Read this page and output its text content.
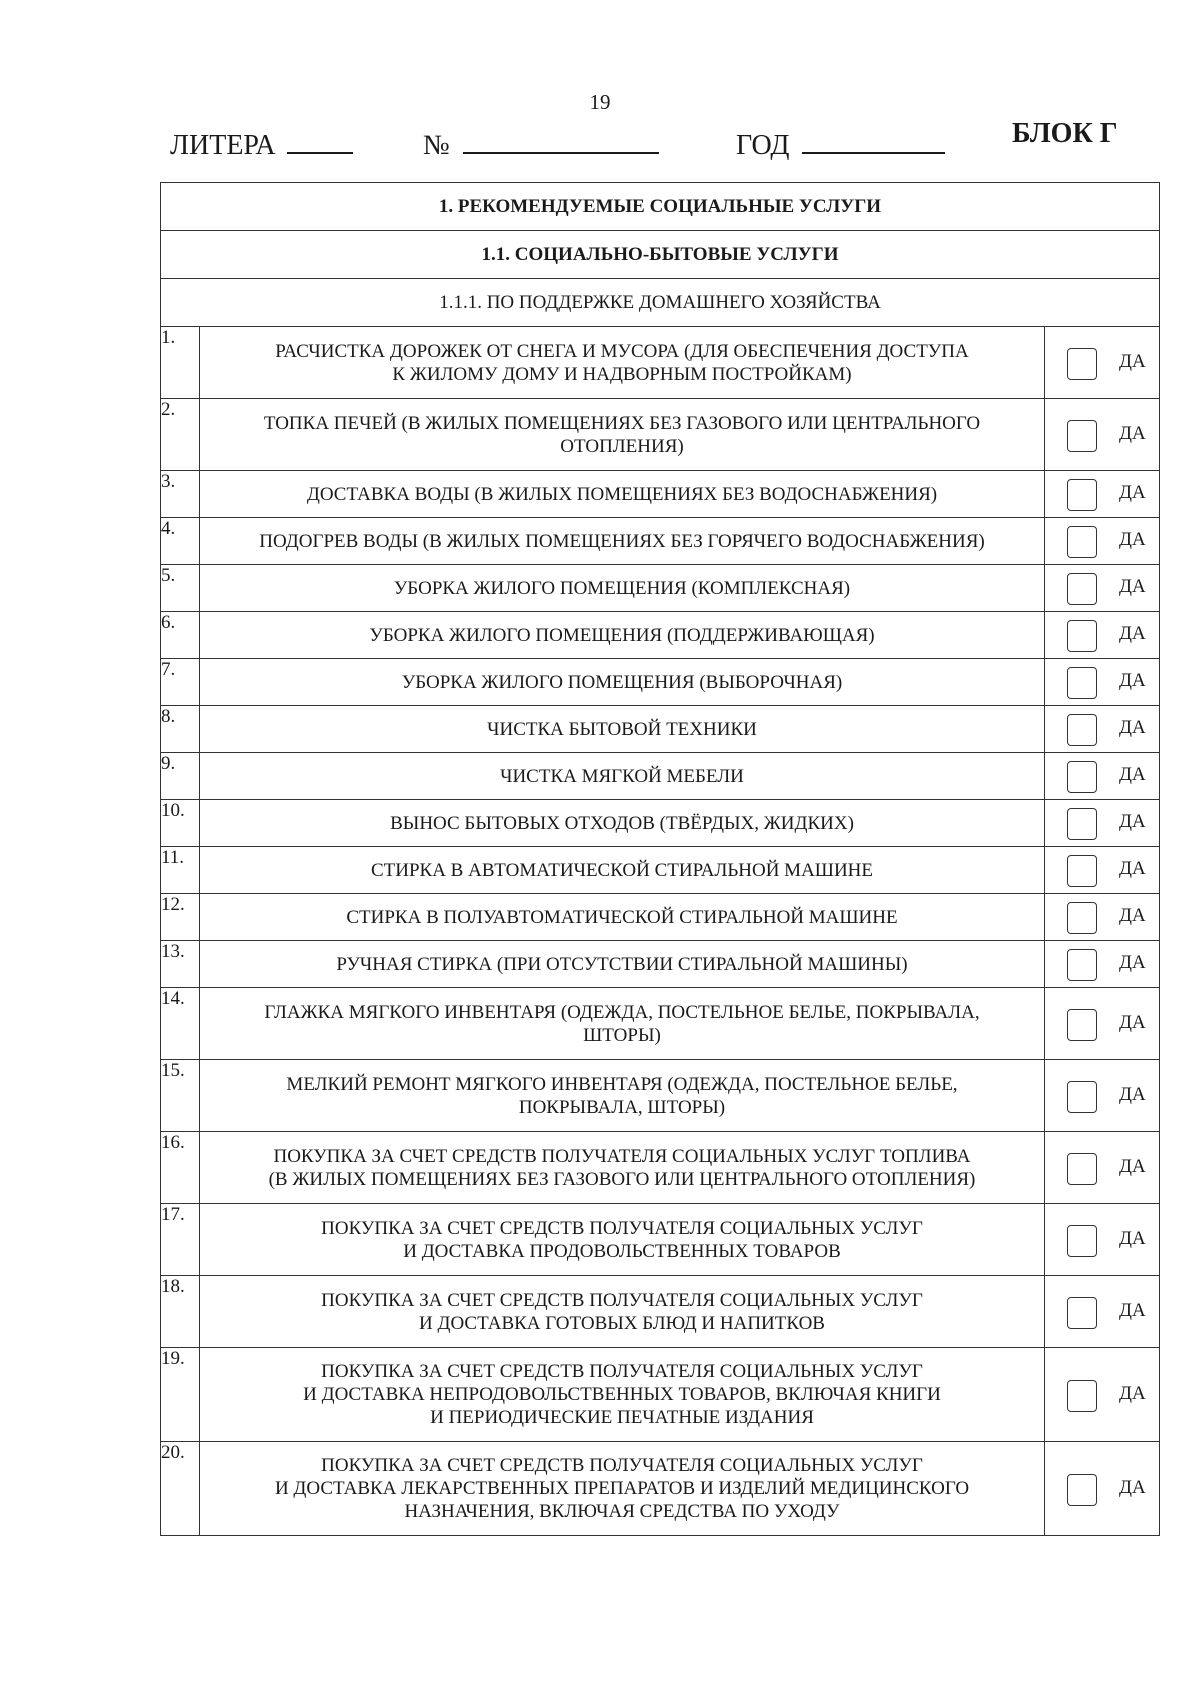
19
ЛИТЕРА	№	ГОД	БЛОК Г
1. РЕКОМЕНДУЕМЫЕ СОЦИАЛЬНЫЕ УСЛУГИ		
1.1. СОЦИАЛЬНО-БЫТОВЫЕ УСЛУГИ		
1.1.1. ПО ПОДДЕРЖКЕ ДОМАШНЕГО ХОЗЯЙСТВА		
1.	РАСЧИСТКА ДОРОЖЕК ОТ СНЕГА И МУСОРА (ДЛЯ ОБЕСПЕЧЕНИЯ ДОСТУПА
К ЖИЛОМУ ДОМУ И НАДВОРНЫМ ПОСТРОЙКАМ)	ДА

2.	ТОПКА ПЕЧЕЙ (В ЖИЛЫХ ПОМЕЩЕНИЯХ БЕЗ ГАЗОВОГО ИЛИ ЦЕНТРАЛЬНОГО
ОТОПЛЕНИЯ)	ДА

3.	ДОСТАВКА ВОДЫ (В ЖИЛЫХ ПОМЕЩЕНИЯХ БЕЗ ВОДОСНАБЖЕНИЯ)	ДА

4.	ПОДОГРЕВ ВОДЫ (В ЖИЛЫХ ПОМЕЩЕНИЯХ БЕЗ ГОРЯЧЕГО ВОДОСНАБЖЕНИЯ)	ДА

5.	УБОРКА ЖИЛОГО ПОМЕЩЕНИЯ (КОМПЛЕКСНАЯ)	ДА

6.	УБОРКА ЖИЛОГО ПОМЕЩЕНИЯ (ПОДДЕРЖИВАЮЩАЯ)	ДА

7.	УБОРКА ЖИЛОГО ПОМЕЩЕНИЯ (ВЫБОРОЧНАЯ)	ДА

8.	ЧИСТКА БЫТОВОЙ ТЕХНИКИ	ДА

9.	ЧИСТКА МЯГКОЙ МЕБЕЛИ	ДА

10.	ВЫНОС БЫТОВЫХ ОТХОДОВ (ТВЁРДЫХ, ЖИДКИХ)	ДА

11.	СТИРКА В АВТОМАТИЧЕСКОЙ СТИРАЛЬНОЙ МАШИНЕ	ДА

12.	СТИРКА В ПОЛУАВТОМАТИЧЕСКОЙ СТИРАЛЬНОЙ МАШИНЕ	ДА

13.	РУЧНАЯ СТИРКА (ПРИ ОТСУТСТВИИ СТИРАЛЬНОЙ МАШИНЫ)	ДА

14.	ГЛАЖКА МЯГКОГО ИНВЕНТАРЯ (ОДЕЖДА, ПОСТЕЛЬНОЕ БЕЛЬЕ, ПОКРЫВАЛА,
ШТОРЫ)	ДА

15.	МЕЛКИЙ РЕМОНТ МЯГКОГО ИНВЕНТАРЯ (ОДЕЖДА, ПОСТЕЛЬНОЕ БЕЛЬЕ,
ПОКРЫВАЛА, ШТОРЫ)	ДА

16.	ПОКУПКА ЗА СЧЕТ СРЕДСТВ ПОЛУЧАТЕЛЯ СОЦИАЛЬНЫХ УСЛУГ ТОПЛИВА
(В ЖИЛЫХ ПОМЕЩЕНИЯХ БЕЗ ГАЗОВОГО ИЛИ ЦЕНТРАЛЬНОГО ОТОПЛЕНИЯ)	ДА

17.	ПОКУПКА ЗА СЧЕТ СРЕДСТВ ПОЛУЧАТЕЛЯ СОЦИАЛЬНЫХ УСЛУГ
И ДОСТАВКА ПРОДОВОЛЬСТВЕННЫХ ТОВАРОВ	ДА

18.	ПОКУПКА ЗА СЧЕТ СРЕДСТВ ПОЛУЧАТЕЛЯ СОЦИАЛЬНЫХ УСЛУГ
И ДОСТАВКА ГОТОВЫХ БЛЮД И НАПИТКОВ	ДА

19.	ПОКУПКА ЗА СЧЕТ СРЕДСТВ ПОЛУЧАТЕЛЯ СОЦИАЛЬНЫХ УСЛУГ
И ДОСТАВКА НЕПРОДОВОЛЬСТВЕННЫХ ТОВАРОВ, ВКЛЮЧАЯ КНИГИ
И ПЕРИОДИЧЕСКИЕ ПЕЧАТНЫЕ ИЗДАНИЯ	ДА

20.	ПОКУПКА ЗА СЧЕТ СРЕДСТВ ПОЛУЧАТЕЛЯ СОЦИАЛЬНЫХ УСЛУГ
И ДОСТАВКА ЛЕКАРСТВЕННЫХ ПРЕПАРАТОВ И ИЗДЕЛИЙ МЕДИЦИНСКОГО
НАЗНАЧЕНИЯ, ВКЛЮЧАЯ СРЕДСТВА ПО УХОДУ	ДА
